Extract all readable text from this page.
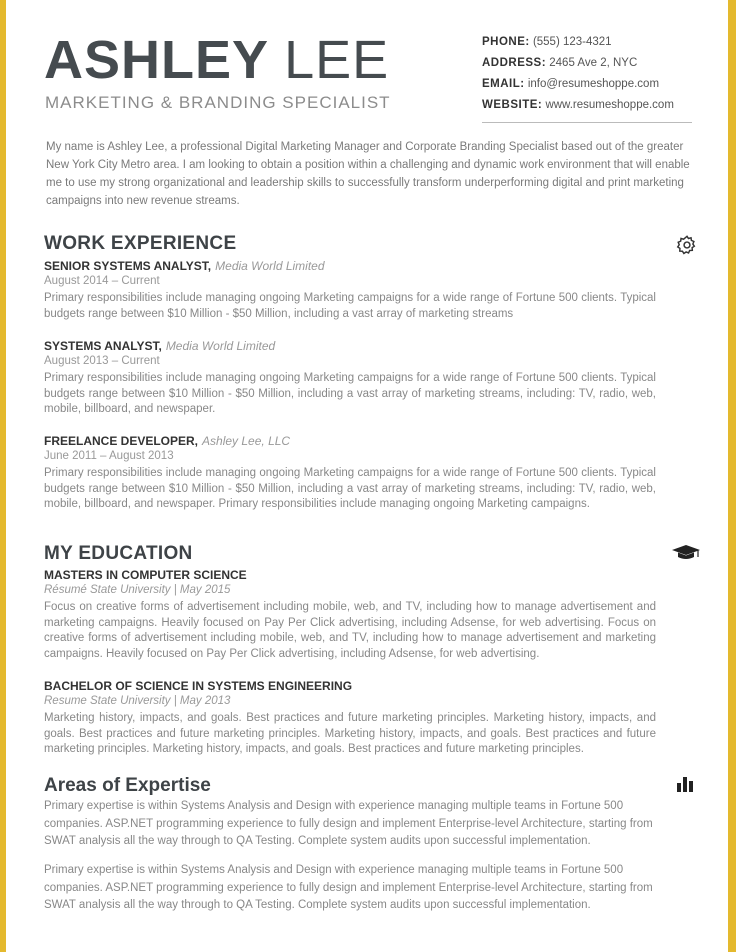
ASHLEY LEE
MARKETING & BRANDING SPECIALIST
PHONE: (555) 123-4321
ADDRESS: 2465 Ave 2, NYC
EMAIL: info@resumeshoppe.com
WEBSITE: www.resumeshoppe.com
My name is Ashley Lee, a professional Digital Marketing Manager and Corporate Branding Specialist based out of the greater New York City Metro area. I am looking to obtain a position within a challenging and dynamic work environment that will enable me to use my strong organizational and leadership skills to successfully transform underperforming digital and print marketing campaigns into new revenue streams.
WORK EXPERIENCE
SENIOR SYSTEMS ANALYST, Media World Limited
August 2014 – Current
Primary responsibilities include managing ongoing Marketing campaigns for a wide range of Fortune 500 clients. Typical budgets range between $10 Million - $50 Million, including a vast array of marketing streams
SYSTEMS ANALYST, Media World Limited
August 2013 – Current
Primary responsibilities include managing ongoing Marketing campaigns for a wide range of Fortune 500 clients. Typical budgets range between $10 Million - $50 Million, including a vast array of marketing streams, including: TV, radio, web, mobile, billboard, and newspaper.
FREELANCE DEVELOPER, Ashley Lee, LLC
June 2011 – August 2013
Primary responsibilities include managing ongoing Marketing campaigns for a wide range of Fortune 500 clients. Typical budgets range between $10 Million - $50 Million, including a vast array of marketing streams, including: TV, radio, web, mobile, billboard, and newspaper. Primary responsibilities include managing ongoing Marketing campaigns.
MY EDUCATION
MASTERS IN COMPUTER SCIENCE
Résumé State University | May 2015
Focus on creative forms of advertisement including mobile, web, and TV, including how to manage advertisement and marketing campaigns. Heavily focused on Pay Per Click advertising, including Adsense, for web advertising. Focus on creative forms of advertisement including mobile, web, and TV, including how to manage advertisement and marketing campaigns. Heavily focused on Pay Per Click advertising, including Adsense, for web advertising.
BACHELOR OF SCIENCE IN SYSTEMS ENGINEERING
Resume State University | May 2013
Marketing history, impacts, and goals. Best practices and future marketing principles. Marketing history, impacts, and goals. Best practices and future marketing principles. Marketing history, impacts, and goals. Best practices and future marketing principles. Marketing history, impacts, and goals. Best practices and future marketing principles.
Areas of Expertise
Primary expertise is within Systems Analysis and Design with experience managing multiple teams in Fortune 500 companies. ASP.NET programming experience to fully design and implement Enterprise-level Architecture, starting from SWAT analysis all the way through to QA Testing. Complete system audits upon successful implementation.
Primary expertise is within Systems Analysis and Design with experience managing multiple teams in Fortune 500 companies. ASP.NET programming experience to fully design and implement Enterprise-level Architecture, starting from SWAT analysis all the way through to QA Testing. Complete system audits upon successful implementation.
